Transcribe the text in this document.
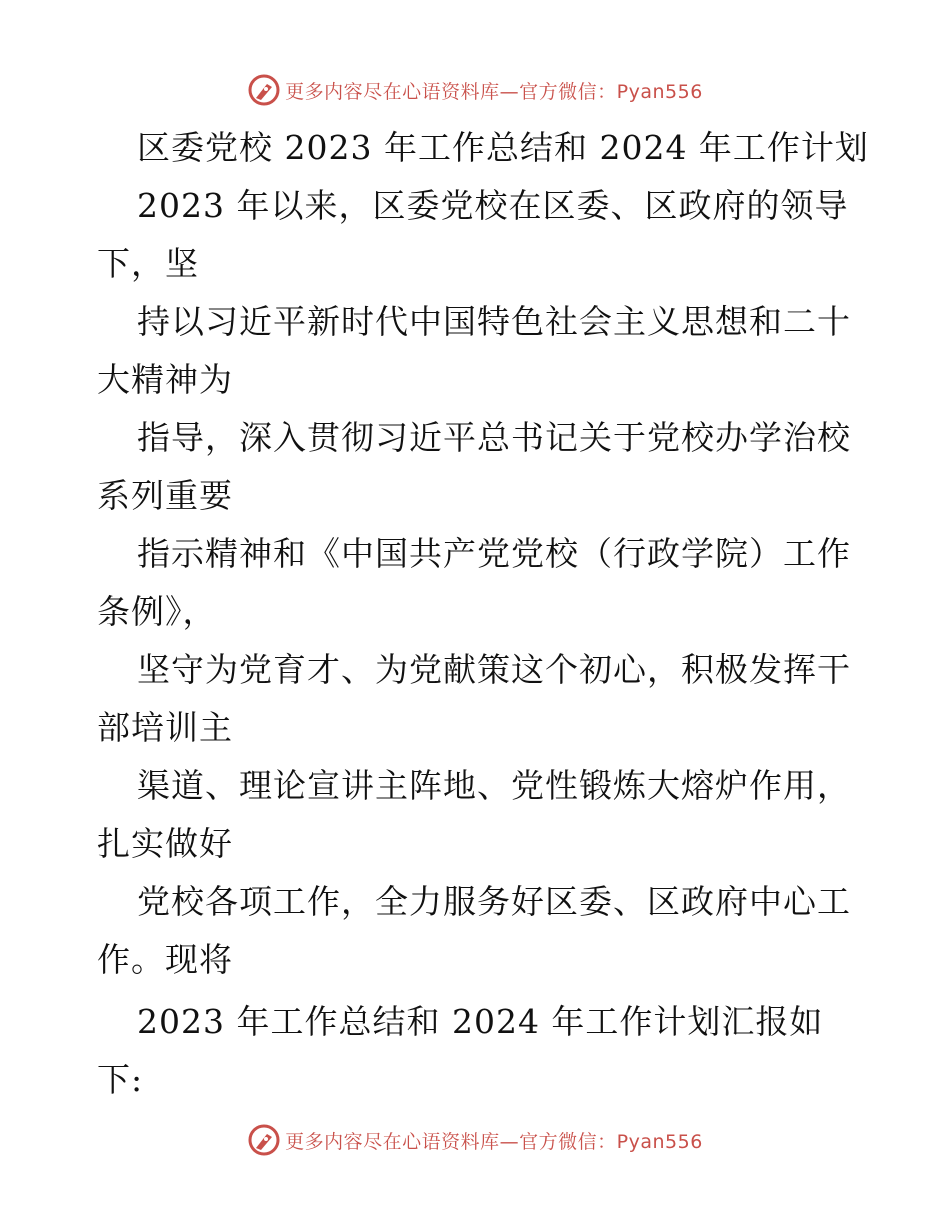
更多内容尽在心语资料库—官方微信：Pyan556
区委党校 2023 年工作总结和 2024 年工作计划
2023 年以来，区委党校在区委、区政府的领导
下，坚
持以习近平新时代中国特色社会主义思想和二十
大精神为
指导，深入贯彻习近平总书记关于党校办学治校
系列重要
指示精神和《中国共产党党校（行政学院）工作
条例》，
坚守为党育才、为党献策这个初心，积极发挥干
部培训主
渠道、理论宣讲主阵地、党性锻炼大熔炉作用，
扎实做好
党校各项工作，全力服务好区委、区政府中心工
作。现将
2023 年工作总结和 2024 年工作计划汇报如
下:
更多内容尽在心语资料库—官方微信：Pyan556
